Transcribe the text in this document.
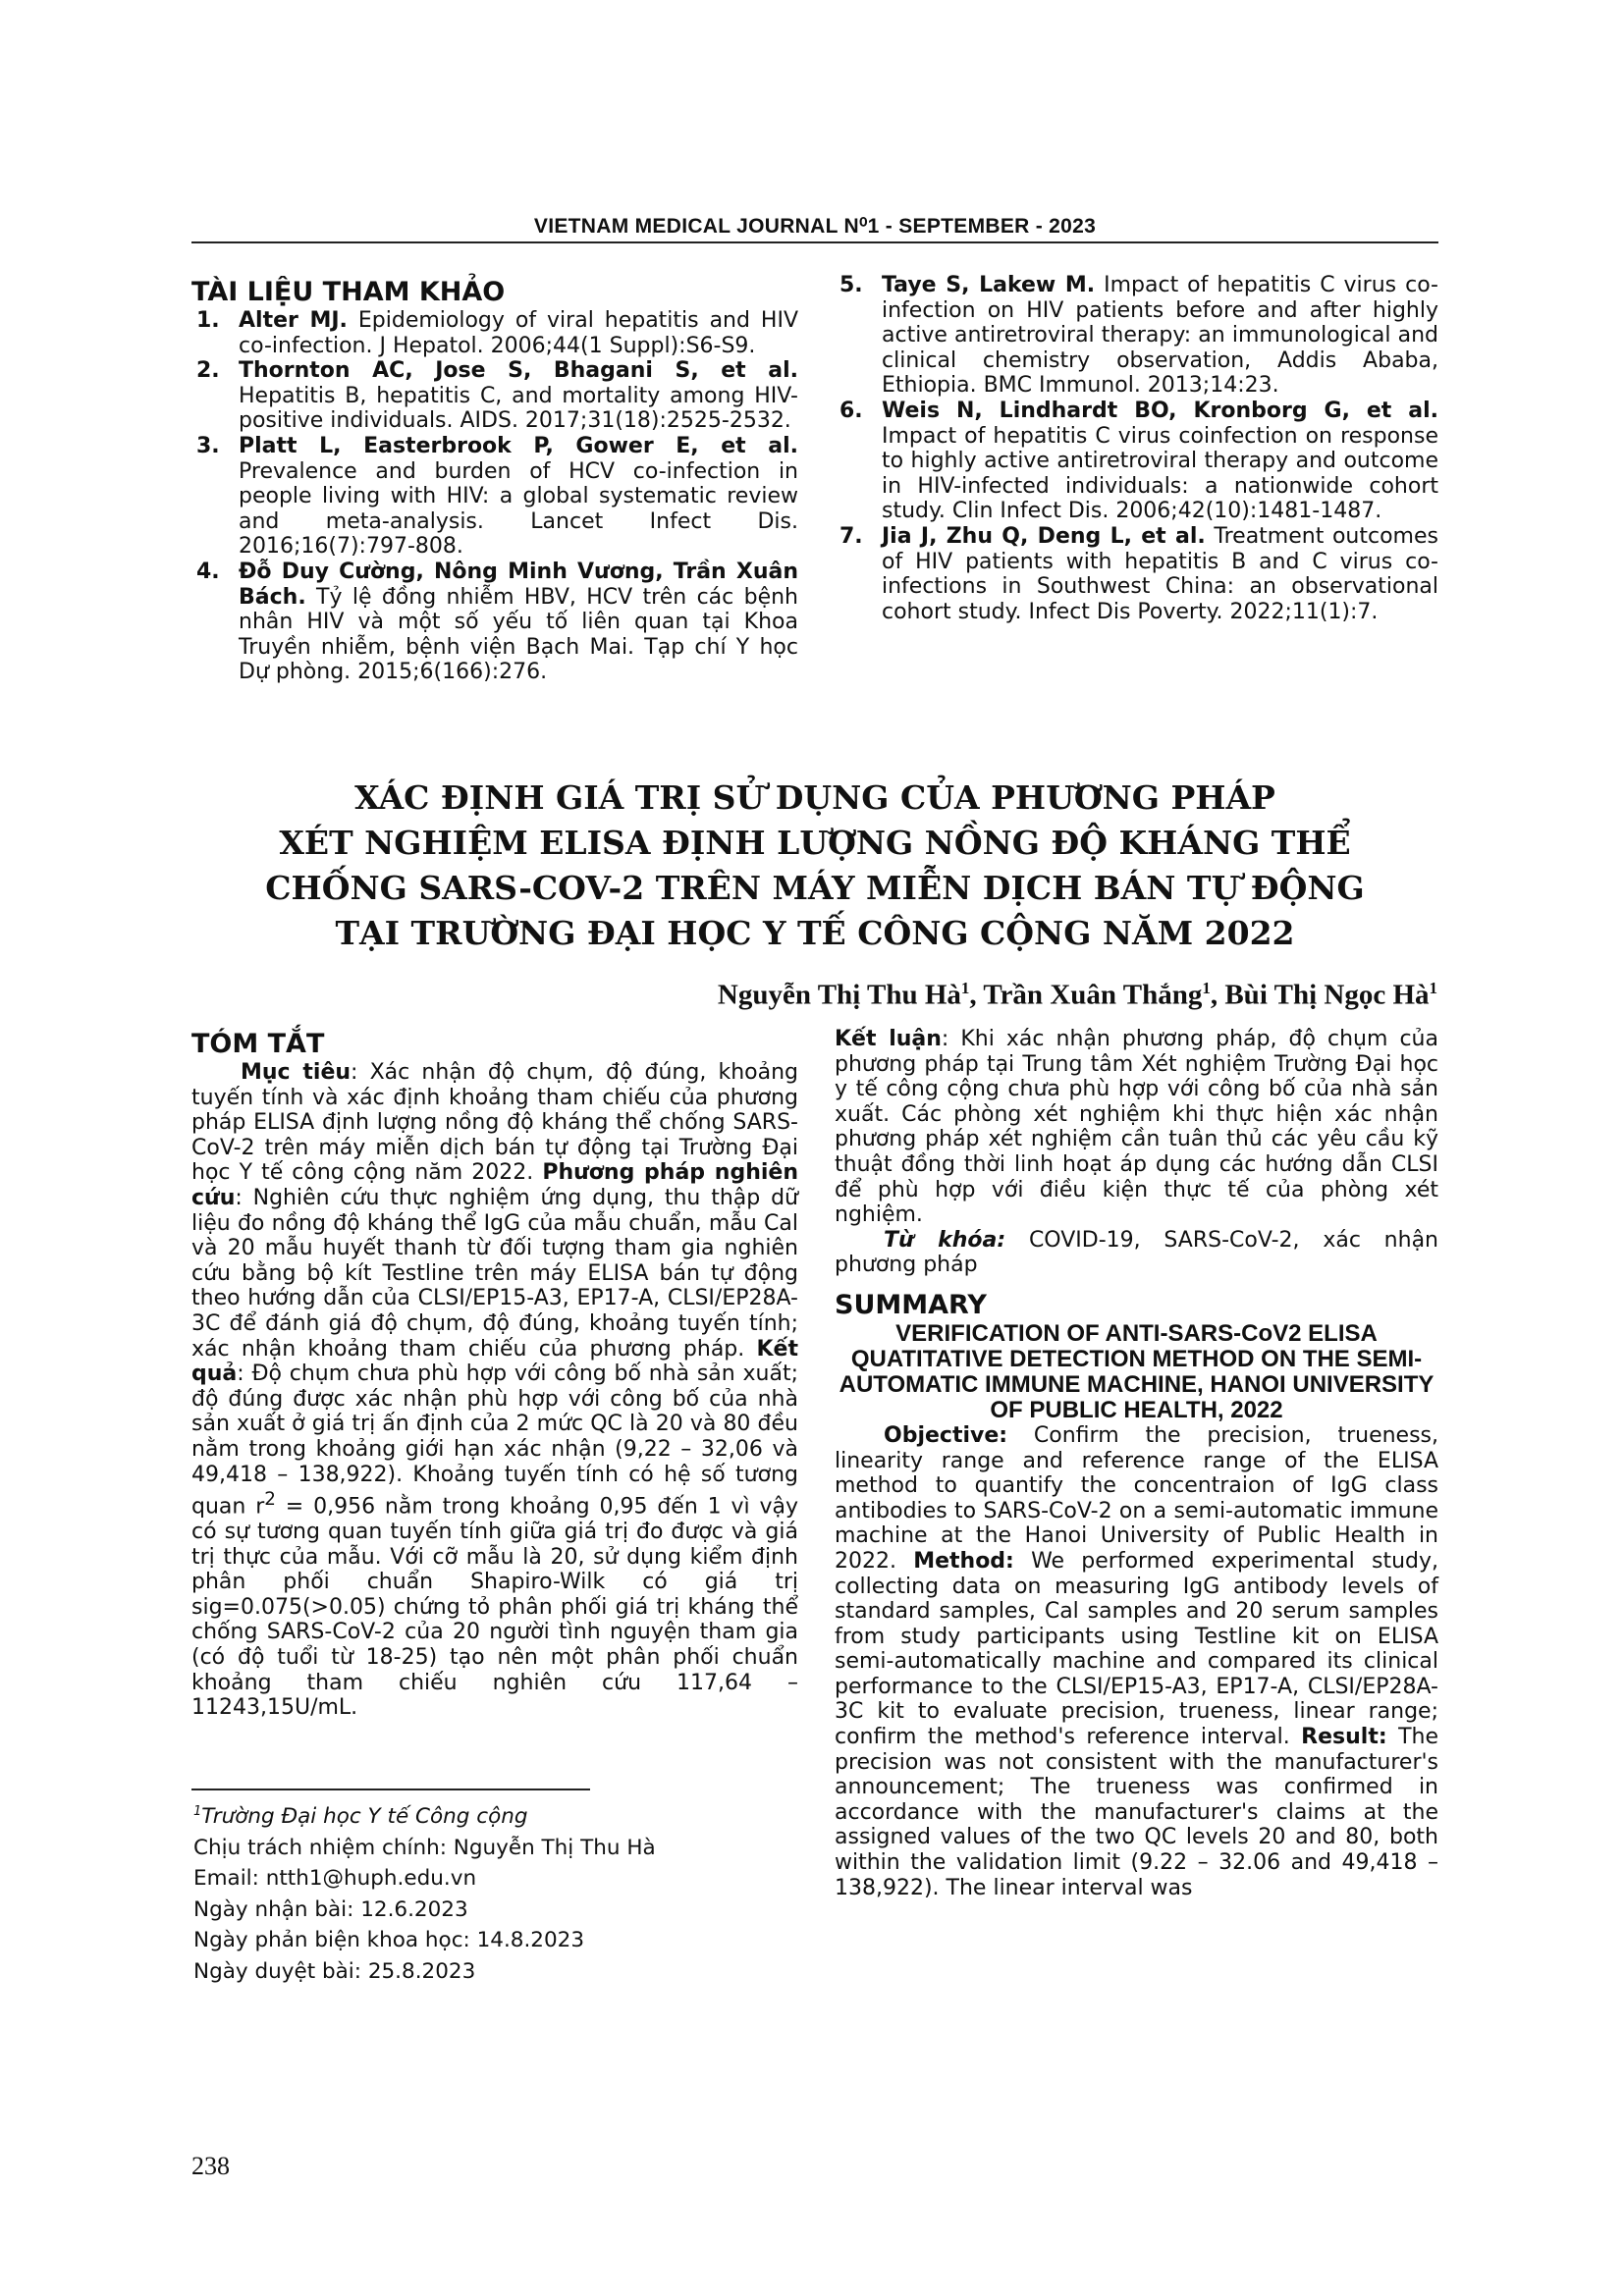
VIETNAM MEDICAL JOURNAL N⁰1 - SEPTEMBER - 2023
TÀI LIỆU THAM KHẢO
1. Alter MJ. Epidemiology of viral hepatitis and HIV co-infection. J Hepatol. 2006;44(1 Suppl):S6-S9.
2. Thornton AC, Jose S, Bhagani S, et al. Hepatitis B, hepatitis C, and mortality among HIV-positive individuals. AIDS. 2017;31(18):2525-2532.
3. Platt L, Easterbrook P, Gower E, et al. Prevalence and burden of HCV co-infection in people living with HIV: a global systematic review and meta-analysis. Lancet Infect Dis. 2016;16(7):797-808.
4. Đỗ Duy Cường, Nông Minh Vương, Trần Xuân Bách. Tỷ lệ đồng nhiễm HBV, HCV trên các bệnh nhân HIV và một số yếu tố liên quan tại Khoa Truyền nhiễm, bệnh viện Bạch Mai. Tạp chí Y học Dự phòng. 2015;6(166):276.
5. Taye S, Lakew M. Impact of hepatitis C virus co-infection on HIV patients before and after highly active antiretroviral therapy: an immunological and clinical chemistry observation, Addis Ababa, Ethiopia. BMC Immunol. 2013;14:23.
6. Weis N, Lindhardt BO, Kronborg G, et al. Impact of hepatitis C virus coinfection on response to highly active antiretroviral therapy and outcome in HIV-infected individuals: a nationwide cohort study. Clin Infect Dis. 2006;42(10):1481-1487.
7. Jia J, Zhu Q, Deng L, et al. Treatment outcomes of HIV patients with hepatitis B and C virus co-infections in Southwest China: an observational cohort study. Infect Dis Poverty. 2022;11(1):7.
XÁC ĐỊNH GIÁ TRỊ SỬ DỤNG CỦA PHƯƠNG PHÁP
XÉT NGHIỆM ELISA ĐỊNH LƯỢNG NỒNG ĐỘ KHÁNG THỂ
CHỐNG SARS-COV-2 TRÊN MÁY MIỄN DỊCH BÁN TỰ ĐỘNG
TẠI TRƯỜNG ĐẠI HỌC Y TẾ CÔNG CỘNG NĂM 2022
Nguyễn Thị Thu $Hà^1$, Trần Xuân Thắng$^1$, Bùi Thị Ngọc $Hà^1$
TÓM TẮT

Mục tiêu: Xác nhận độ chụm, độ đúng, khoảng tuyến tính và xác định khoảng tham chiếu của phương pháp ELISA định lượng nồng độ kháng thể chống SARS-CoV-2 trên máy miễn dịch bán tự động tại Trường Đại học Y tế công cộng năm 2022. Phương pháp nghiên cứu: Nghiên cứu thực nghiệm ứng dụng, thu thập dữ liệu đo nồng độ kháng thể IgG của mẫu chuẩn, mẫu Cal và 20 mẫu huyết thanh từ đối tượng tham gia nghiên cứu bằng bộ kít Testline trên máy ELISA bán tự động theo hướng dẫn của CLSI/EP15-A3, EP17-A, CLSI/EP28A-3C để đánh giá độ chụm, độ đúng, khoảng tuyến tính; xác nhận khoảng tham chiếu của phương pháp. Kết quả: Độ chụm chưa phù hợp với công bố nhà sản xuất; độ đúng được xác nhận phù hợp với công bố của nhà sản xuất ở giá trị ấn định của 2 mức QC là 20 và 80 đều nằm trong khoảng giới hạn xác nhận (9,22 – 32,06 và 49,418 – 138,922). Khoảng tuyến tính có hệ số tương quan $r^2 = 0,956$ nằm trong khoảng 0,95 đến 1 vì vậy có sự tương quan tuyến tính giữa giá trị đo được và giá trị thực của mẫu. Với cỡ mẫu là 20, sử dụng kiểm định phân phối chuẩn Shapiro-Wilk có giá trị sig=0.075(>0.05) chứng tỏ phân phối giá trị kháng thể chống SARS-CoV-2 của 20 người tình nguyện tham gia (có độ tuổi từ 18-25) tạo nên một phân phối chuẩn khoảng tham chiếu nghiên cứu 117,64 – 11243,15U/mL.

Kết luận: Khi xác nhận phương pháp, độ chụm của phương pháp tại Trung tâm Xét nghiệm Trường Đại học y tế công cộng chưa phù hợp với công bố của nhà sản xuất. Các phòng xét nghiệm khi thực hiện xác nhận phương pháp xét nghiệm cần tuân thủ các yêu cầu kỹ thuật đồng thời linh hoạt áp dụng các hướng dẫn CLSI để phù hợp với điều kiện thực tế của phòng xét nghiệm.

Từ khóa: COVID-19, SARS-CoV-2, xác nhận phương pháp

SUMMARY
VERIFICATION OF ANTI-SARS-CoV2 ELISA QUATITATIVE DETECTION METHOD ON THE SEMI-AUTOMATIC IMMUNE MACHINE, HANOI UNIVERSITY OF PUBLIC HEALTH, 2022

Objective: Confirm the precision, trueness, linearity range and reference range of the ELISA method to quantify the concentraion of IgG class antibodies to SARS-CoV-2 on a semi-automatic immune machine at the Hanoi University of Public Health in 2022. Method: We performed experimental study, collecting data on measuring IgG antibody levels of standard samples, Cal samples and 20 serum samples from study participants using Testline kit on ELISA semi-automatically machine and compared its clinical performance to the CLSI/EP15-A3, EP17-A, CLSI/EP28A-3C kit to evaluate precision, trueness, linear range; confirm the method's reference interval. Result: The precision was not consistent with the manufacturer's announcement; The trueness was confirmed in accordance with the manufacturer's claims at the assigned values of the two QC levels 20 and 80, both within the validation limit (9.22 – 32.06 and 49,418 – 138,922). The linear interval was

$^1$Trường Đại học Y tế Công cộng
Chịu trách nhiệm chính: Nguyễn Thị Thu Hà
Email: ntth1@huph.edu.vn
Ngày nhận bài: 12.6.2023
Ngày phản biện khoa học: 14.8.2023
Ngày duyệt bài: 25.8.2023
238
